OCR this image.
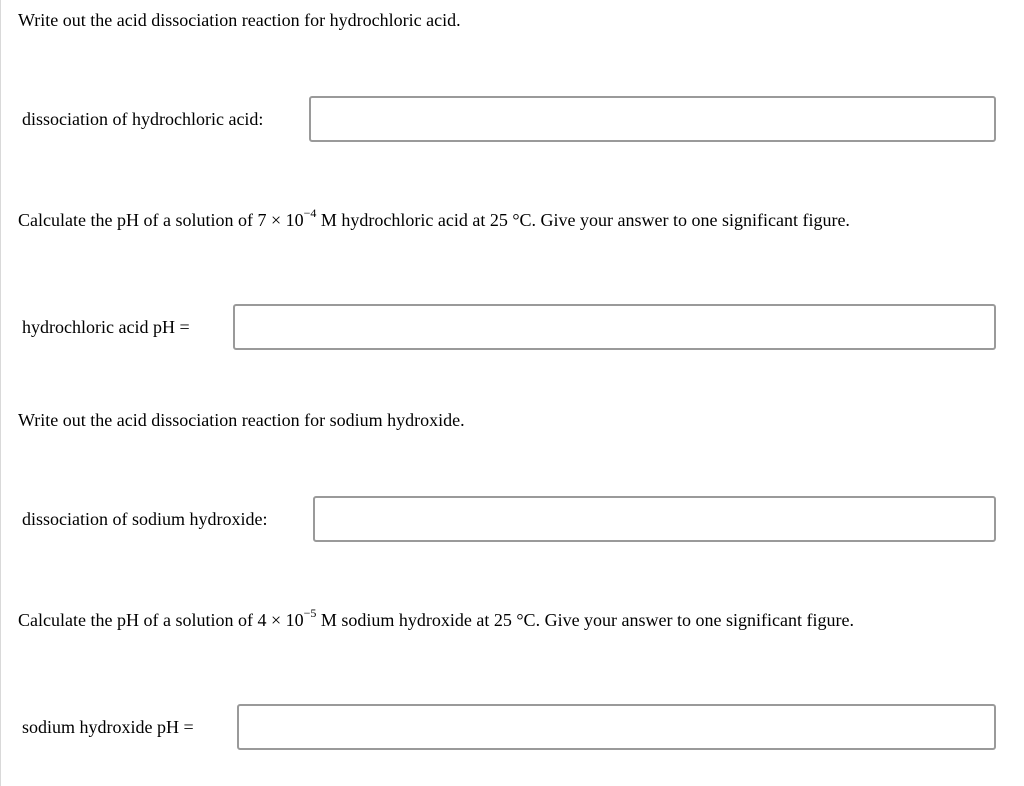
Write out the acid dissociation reaction for hydrochloric acid.
dissociation of hydrochloric acid:
Calculate the pH of a solution of $7 \times 10^{-4}$ M hydrochloric acid at 25 °C. Give your answer to one significant figure.
hydrochloric acid pH =
Write out the acid dissociation reaction for sodium hydroxide.
dissociation of sodium hydroxide:
Calculate the pH of a solution of $4 \times 10^{-5}$ M sodium hydroxide at 25 °C. Give your answer to one significant figure.
sodium hydroxide pH =
